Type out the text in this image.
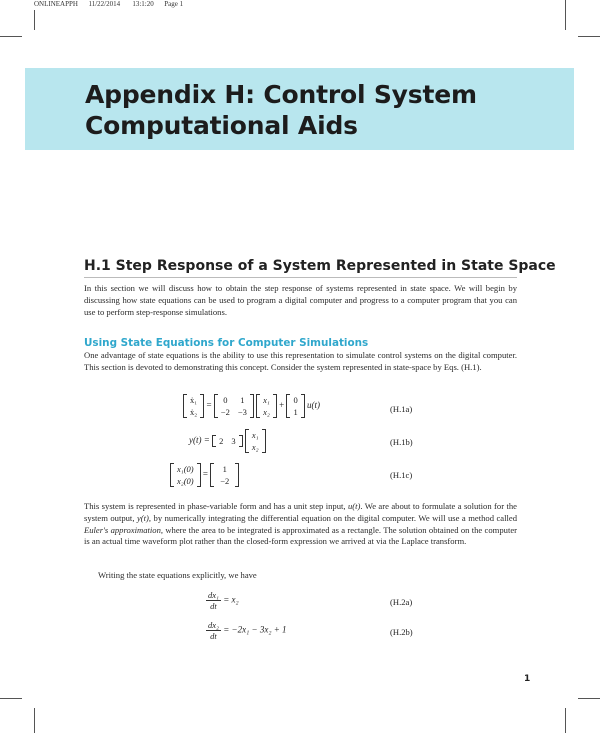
ONLINEAPPH 11/22/2014 13:1:20 Page 1
Appendix H: Control System Computational Aids
H.1 Step Response of a System Represented in State Space

In this section we will discuss how to obtain the step response of systems represented in state space. We will begin by discussing how state equations can be used to program a digital computer and progress to a computer program that you can use to perform step-response simulations.

Using State Equations for Computer Simulations

One advantage of state equations is the ability to use this representation to simulate control systems on the digital computer. This section is devoted to demonstrating this concept. Consider the system represented in state-space by Eqs. (H.1).

ẋ₁
ẋ₂
=
0 1
−2 −3

x₁
x₂
+
0
1
u(t)	(H.1a)
y(t) = 2 3

x₁
x₂	(H.1b)
x₁(0)
x₂(0)
=
1
−2
(H.1c)

This system is represented in phase-variable form and has a unit step input, u(t). We are about to formulate a solution for the system output, y(t), by numerically integrating the differential equation on the digital computer. We will use a method called Euler's approximation, where the area to be integrated is approximated as a rectangle. The solution obtained on the computer is an actual time waveform plot rather than the closed-form expression we arrived at via the Laplace transform.

Writing the state equations explicitly, we have

$\frac{\text{dx₁}}{dt} = x_2$	(H.2a)
$\frac{\text{dx₂}}{dt} = -2x_1 - 3x_2 + 1$	(H.2b)
1
